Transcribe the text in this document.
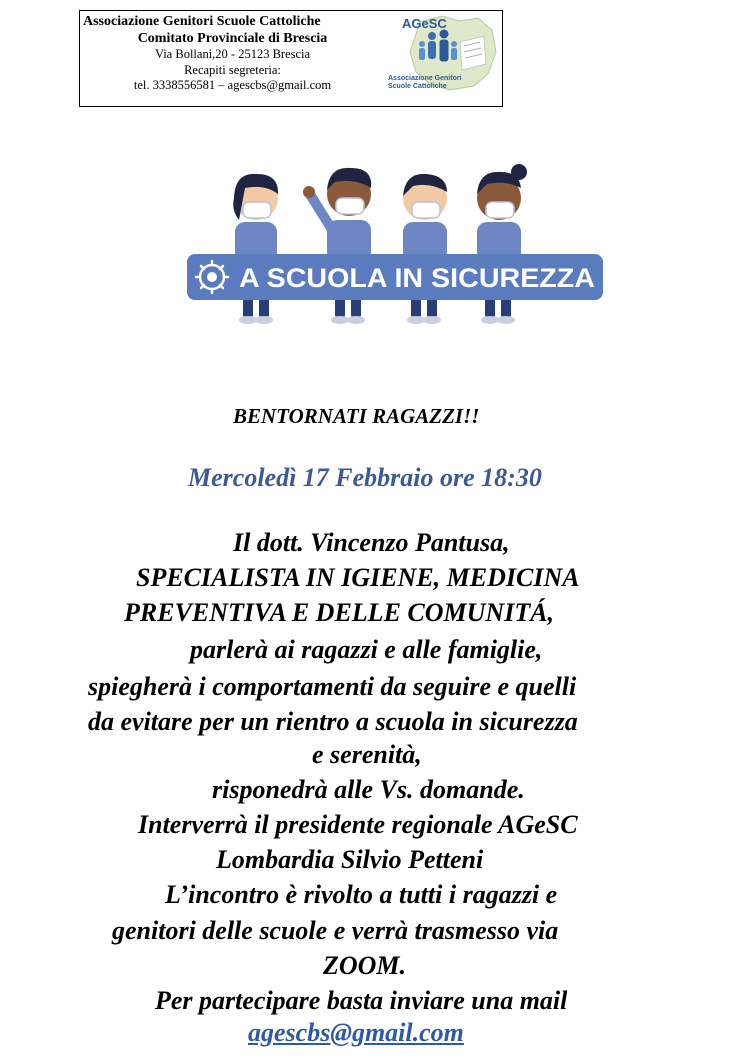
Associazione Genitori Scuole Cattoliche
Comitato Provinciale di Brescia
Via Bollani,20 - 25123 Brescia
Recapiti segreteria:
tel. 3338556581 – agescbs@gmail.com
AGeSC
Associazione Genitori
Scuole Cattoliche
A SCUOLA IN SICUREZZA
BENTORNATI RAGAZZI!!
Mercoledì 17 Febbraio ore 18:30
Il dott. Vincenzo Pantusa,
SPECIALISTA IN IGIENE, MEDICINA
PREVENTIVA E DELLE COMUNITÁ,
parlerà ai ragazzi e alle famiglie,
spiegherà i comportamenti da seguire e quelli
da evitare per un rientro a scuola in sicurezza
e serenità,
risponedrà alle Vs. domande.
Interverrà il presidente regionale AGeSC
Lombardia Silvio Petteni
L’incontro è rivolto a tutti i ragazzi e
genitori delle scuole e verrà trasmesso via
ZOOM.
Per partecipare basta inviare una mail
agescbs@gmail.com
